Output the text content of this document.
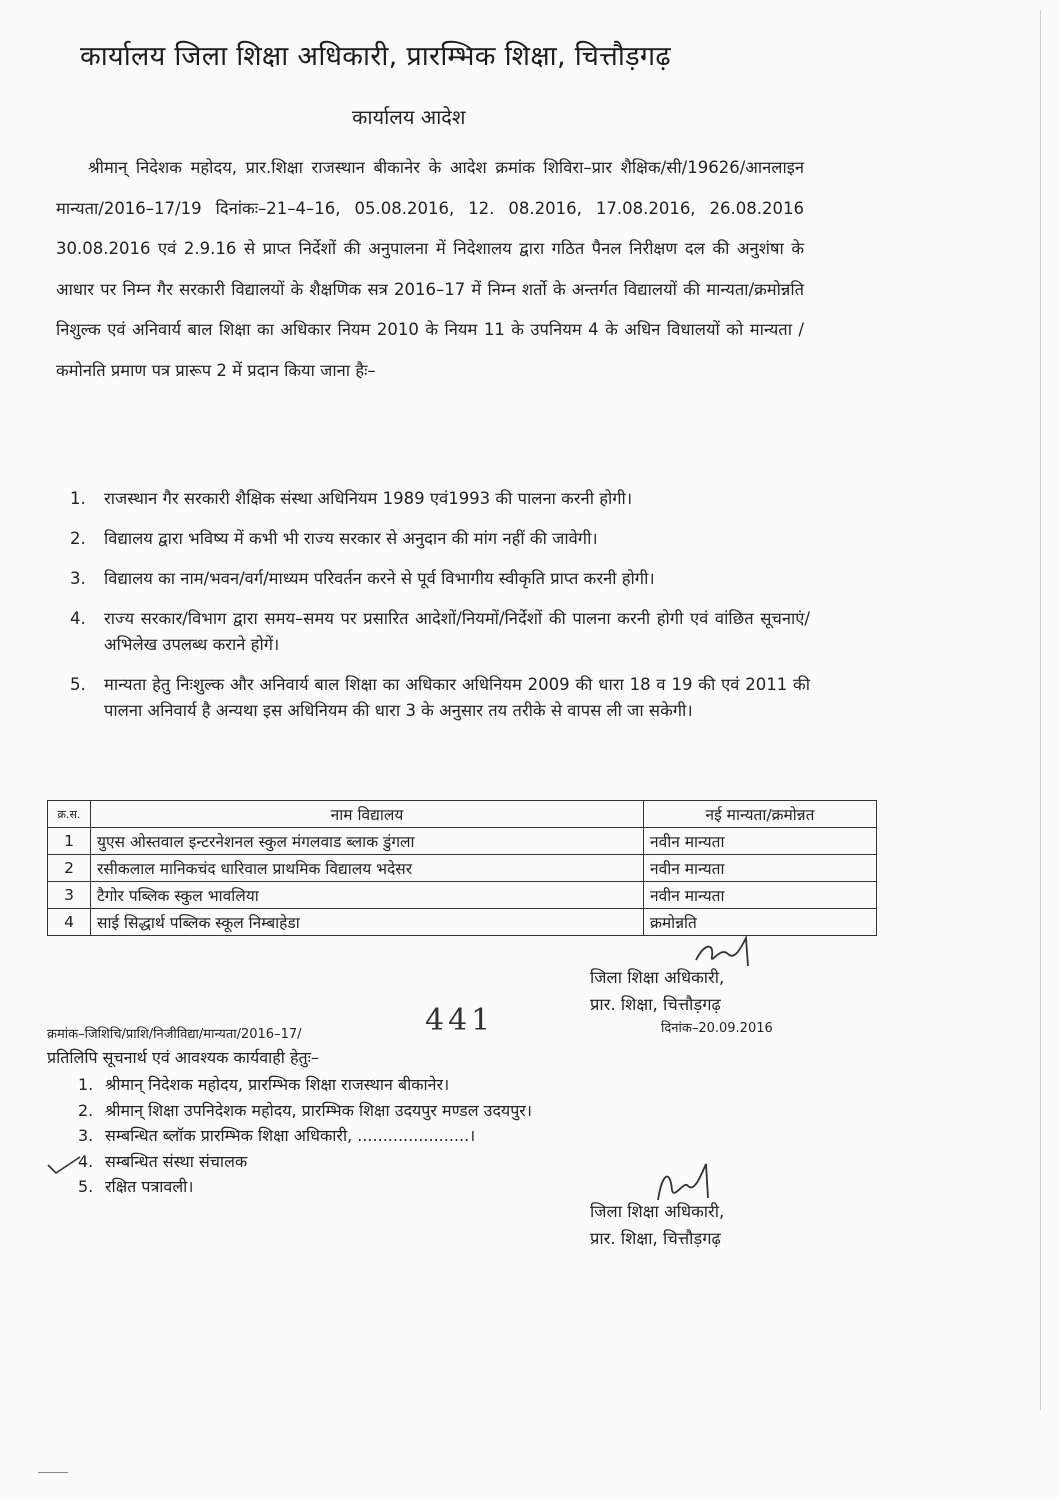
कार्यालय जिला शिक्षा अधिकारी, प्रारम्भिक शिक्षा, चित्तौड़गढ़
कार्यालय आदेश
श्रीमान् निदेशक महोदय, प्रार.शिक्षा राजस्थान बीकानेर के आदेश क्रमांक शिविरा–प्रार शैक्षिक/सी/19626/आनलाइन मान्यता/2016–17/19 दिनांकः–21–4–16, 05.08.2016, 12. 08.2016, 17.08.2016, 26.08.2016 30.08.2016 एवं 2.9.16 से प्राप्त निर्देशों की अनुपालना में निदेशालय द्वारा गठित पैनल निरीक्षण दल की अनुशंषा के आधार पर निम्न गैर सरकारी विद्यालयों के शैक्षणिक सत्र 2016–17 में निम्न शर्तो के अन्तर्गत विद्यालयों की मान्यता/क्रमोन्नति निशुल्क एवं अनिवार्य बाल शिक्षा का अधिकार नियम 2010 के नियम 11 के उपनियम 4 के अधिन विधालयों को मान्यता /कमोनति प्रमाण पत्र प्रारूप 2 में प्रदान किया जाना हैः–
1.	राजस्थान गैर सरकारी शैक्षिक संस्था अधिनियम 1989 एवं1993 की पालना करनी होगी।
2.	विद्यालय द्वारा भविष्य में कभी भी राज्य सरकार से अनुदान की मांग नहीं की जावेगी।
3.	विद्यालय का नाम/भवन/वर्ग/माध्यम परिवर्तन करने से पूर्व विभागीय स्वीकृति प्राप्त करनी होगी।
4.	राज्य सरकार/विभाग द्वारा समय–समय पर प्रसारित आदेशों/नियमों/निर्देशों की पालना करनी होगी एवं वांछित सूचनाएं/अभिलेख उपलब्ध कराने होगें।
5.	मान्यता हेतु निःशुल्क और अनिवार्य बाल शिक्षा का अधिकार अधिनियम 2009 की धारा 18 व 19 की एवं 2011 की पालना अनिवार्य है अन्यथा इस अधिनियम की धारा 3 के अनुसार तय तरीके से वापस ली जा सकेगी।
क्र.स.	नाम विद्यालय	नई मान्यता/क्रमोन्नत
1	युएस ओस्तवाल इन्टरनेशनल स्कुल मंगलवाड ब्लाक डुंगला	नवीन मान्यता
2	रसीकलाल मानिकचंद धारिवाल प्राथमिक विद्यालय भदेसर	नवीन मान्यता
3	टैगोर पब्लिक स्कुल भावलिया	नवीन मान्यता
4	साई सिद्धार्थ पब्लिक स्कूल निम्बाहेडा	क्रमोन्नति
जिला शिक्षा अधिकारी,
प्रार. शिक्षा, चित्तौड़गढ़
क्रमांक–जिशिचि/प्राशि/निजीविद्या/मान्यता/2016–17/	441	दिनांक–20.09.2016
प्रतिलिपि सूचनार्थ एवं आवश्यक कार्यवाही हेतुः–
1. श्रीमान् निदेशक महोदय, प्रारम्भिक शिक्षा राजस्थान बीकानेर।
2. श्रीमान् शिक्षा उपनिदेशक महोदय, प्रारम्भिक शिक्षा उदयपुर मण्डल उदयपुर।
3. सम्बन्धित ब्लॉक प्रारम्भिक शिक्षा अधिकारी, ......................।
4. सम्बन्धित संस्था संचालक
5. रक्षित पत्रावली।
जिला शिक्षा अधिकारी,
प्रार. शिक्षा, चित्तौड़गढ़
